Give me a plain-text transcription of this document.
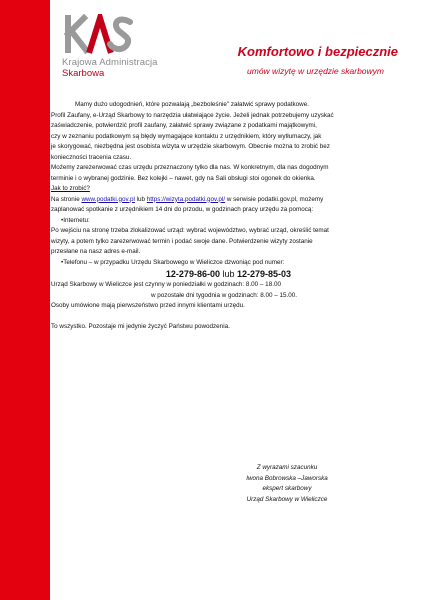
Krajowa Administracja
Skarbowa
Komfortowo i bezpiecznie
umów wizytę w urzędzie skarbowym

Mamy dużo udogodnień, które pozwalają „bezboleśnie" załatwić sprawy podatkowe.

Profil Zaufany, e-Urząd Skarbowy to narzędzia ułatwiające życie. Jeżeli jednak potrzebujemy uzyskać

zaświadczenie, potwierdzić profil zaufany, załatwić sprawy związane z podatkami majątkowymi,

czy w zeznaniu podatkowym są błędy wymagające kontaktu z urzędnikiem, który wytłumaczy, jak

je skorygować, niezbędna jest osobista wizyta w urzędzie skarbowym. Obecnie można to zrobić bez

konieczności tracenia czasu.

Możemy zarezerwować czas urzędu przeznaczony tylko dla nas. W konkretnym, dla nas dogodnym

terminie i o wybranej godzinie. Bez kolejki – nawet, gdy na Sali obsługi stoi ogonek do okienka.

Jak to zrobić?

Na stronie www.podatki.gov.pl lub https://wizyta.podatki.gov.pl/ w serwisie podatki.gov.pl, możemy

zaplanować spotkanie z urzędnikiem 14 dni do przodu, w godzinach pracy urzędu za pomocą:

•Internetu:

Po wejściu na stronę trzeba zlokalizować urząd: wybrać województwo, wybrać urząd, określić temat

wizyty, a potem tylko zarezerwować termin i podać swoje dane. Potwierdzenie wizyty zostanie

przesłane na nasz adres e-mail.

•Telefonu – w przypadku Urzędu Skarbowego w Wieliczce dzwoniąc pod numer:

12-279-86-00 lub 12-279-85-03

Urząd Skarbowy w Wieliczce jest czynny w poniedziałki w godzinach: 8.00 – 18.00

w pozostałe dni tygodnia w godzinach: 8.00 – 15.00.

Osoby umówione mają pierwszeństwo przed innymi klientami urzędu.

To wszystko. Pozostaje mi jedynie życzyć Państwu powodzenia.

Z wyrazami szacunku
Iwona Bobrowska –Jaworska
ekspert skarbowy
Urząd Skarbowy w Wieliczce
